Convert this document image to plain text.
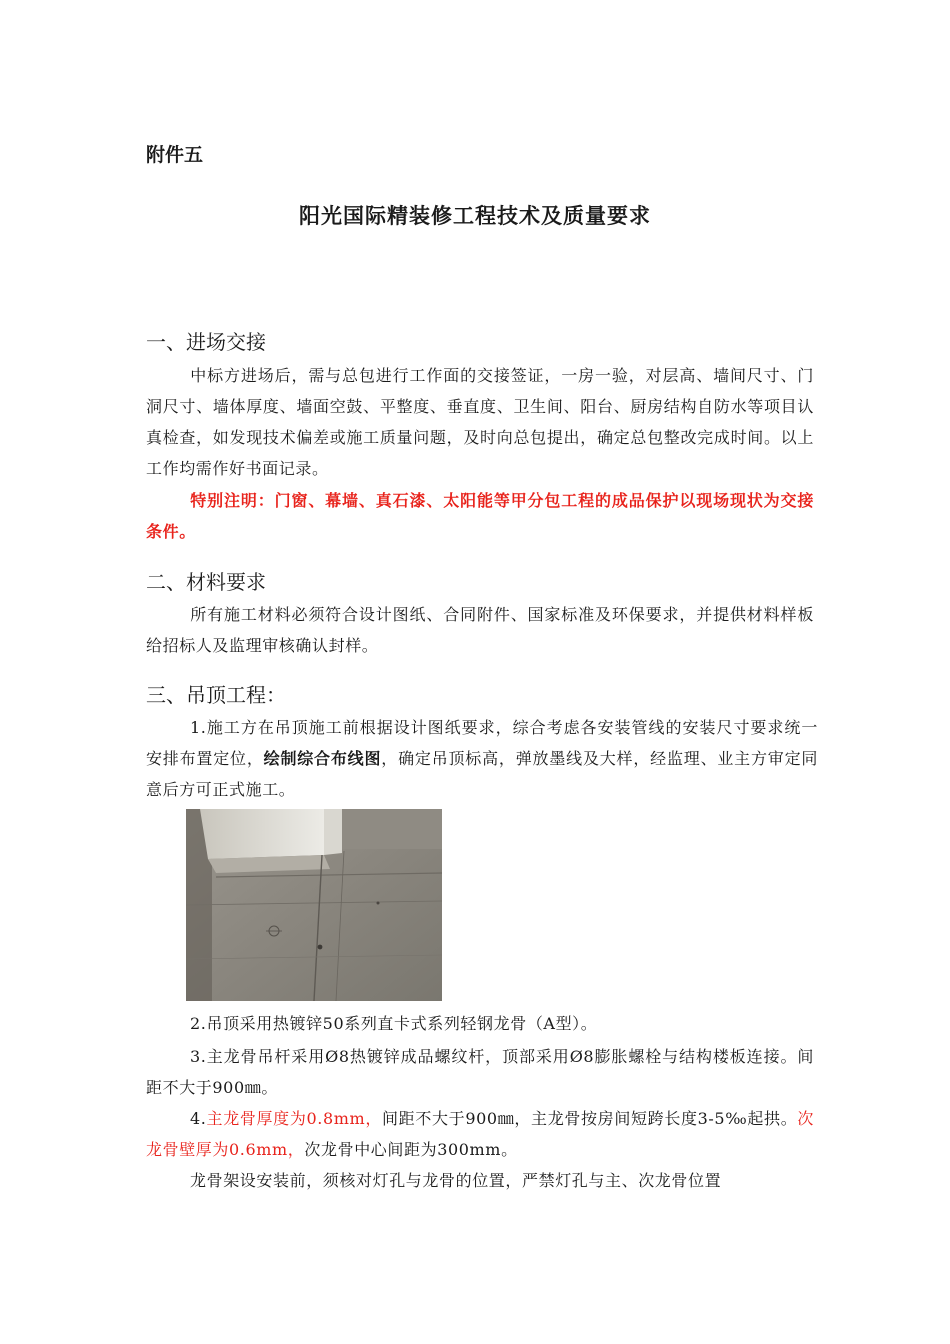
附件五
阳光国际精装修工程技术及质量要求
一、进场交接
中标方进场后，需与总包进行工作面的交接签证，一房一验，对层高、墙间尺寸、门洞尺寸、墙体厚度、墙面空鼓、平整度、垂直度、卫生间、阳台、厨房结构自防水等项目认真检查，如发现技术偏差或施工质量问题，及时向总包提出，确定总包整改完成时间。以上工作均需作好书面记录。
特别注明：门窗、幕墙、真石漆、太阳能等甲分包工程的成品保护以现场现状为交接条件。
二、材料要求
所有施工材料必须符合设计图纸、合同附件、国家标准及环保要求，并提供材料样板给招标人及监理审核确认封样。
三、吊顶工程：
1.施工方在吊顶施工前根据设计图纸要求，综合考虑各安装管线的安装尺寸要求统一安排布置定位，绘制综合布线图，确定吊顶标高，弹放墨线及大样，经监理、业主方审定同意后方可正式施工。
2.吊顶采用热镀锌50系列直卡式系列轻钢龙骨（A型）。
3.主龙骨吊杆采用Ø8热镀锌成品螺纹杆，顶部采用Ø8膨胀螺栓与结构楼板连接。间距不大于900㎜。
4.主龙骨厚度为0.8mm，间距不大于900㎜，主龙骨按房间短跨长度3-5‰起拱。次龙骨壁厚为0.6mm，次龙骨中心间距为300mm。
龙骨架设安装前，须核对灯孔与龙骨的位置，严禁灯孔与主、次龙骨位置
